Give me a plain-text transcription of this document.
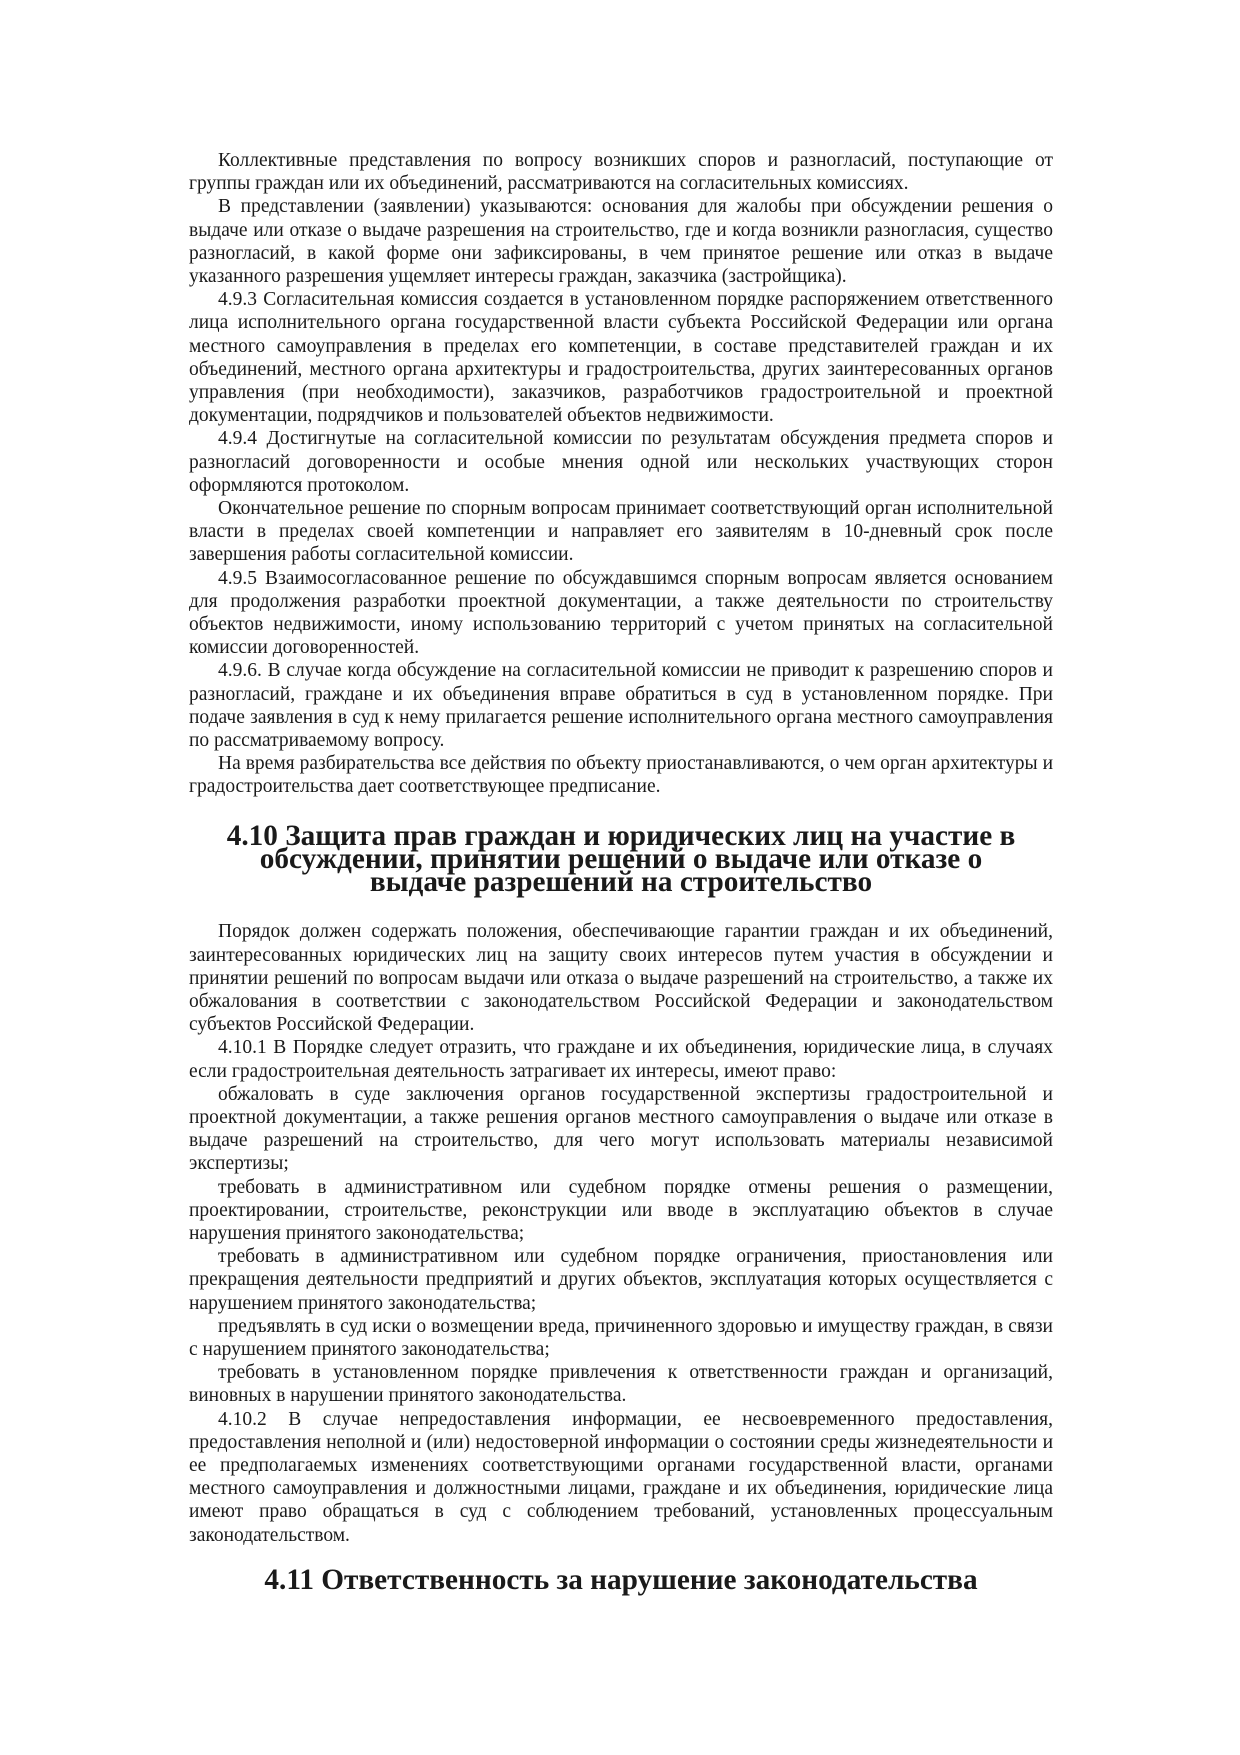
Коллективные представления по вопросу возникших споров и разногласий, поступающие от группы граждан или их объединений, рассматриваются на согласительных комиссиях.

В представлении (заявлении) указываются: основания для жалобы при обсуждении решения о выдаче или отказе о выдаче разрешения на строительство, где и когда возникли разногласия, существо разногласий, в какой форме они зафиксированы, в чем принятое решение или отказ в выдаче указанного разрешения ущемляет интересы граждан, заказчика (застройщика).

4.9.3 Согласительная комиссия создается в установленном порядке распоряжением ответственного лица исполнительного органа государственной власти субъекта Российской Федерации или органа местного самоуправления в пределах его компетенции, в составе представителей граждан и их объединений, местного органа архитектуры и градостроительства, других заинтересованных органов управления (при необходимости), заказчиков, разработчиков градостроительной и проектной документации, подрядчиков и пользователей объектов недвижимости.

4.9.4 Достигнутые на согласительной комиссии по результатам обсуждения предмета споров и разногласий договоренности и особые мнения одной или нескольких участвующих сторон оформляются протоколом.

Окончательное решение по спорным вопросам принимает соответствующий орган исполнительной власти в пределах своей компетенции и направляет его заявителям в 10-дневный срок после завершения работы согласительной комиссии.

4.9.5 Взаимосогласованное решение по обсуждавшимся спорным вопросам является основанием для продолжения разработки проектной документации, а также деятельности по строительству объектов недвижимости, иному использованию территорий с учетом принятых на согласительной комиссии договоренностей.

4.9.6. В случае когда обсуждение на согласительной комиссии не приводит к разрешению споров и разногласий, граждане и их объединения вправе обратиться в суд в установленном порядке. При подаче заявления в суд к нему прилагается решение исполнительного органа местного самоуправления по рассматриваемому вопросу.

На время разбирательства все действия по объекту приостанавливаются, о чем орган архитектуры и градостроительства дает соответствующее предписание.

4.10 Защита прав граждан и юридических лиц на участие в обсуждении, принятии решений о выдаче или отказе о выдаче разрешений на строительство

Порядок должен содержать положения, обеспечивающие гарантии граждан и их объединений, заинтересованных юридических лиц на защиту своих интересов путем участия в обсуждении и принятии решений по вопросам выдачи или отказа о выдаче разрешений на строительство, а также их обжалования в соответствии с законодательством Российской Федерации и законодательством субъектов Российской Федерации.

4.10.1 В Порядке следует отразить, что граждане и их объединения, юридические лица, в случаях если градостроительная деятельность затрагивает их интересы, имеют право:

обжаловать в суде заключения органов государственной экспертизы градостроительной и проектной документации, а также решения органов местного самоуправления о выдаче или отказе в выдаче разрешений на строительство, для чего могут использовать материалы независимой экспертизы;

требовать в административном или судебном порядке отмены решения о размещении, проектировании, строительстве, реконструкции или вводе в эксплуатацию объектов в случае нарушения принятого законодательства;

требовать в административном или судебном порядке ограничения, приостановления или прекращения деятельности предприятий и других объектов, эксплуатация которых осуществляется с нарушением принятого законодательства;

предъявлять в суд иски о возмещении вреда, причиненного здоровью и имуществу граждан, в связи с нарушением принятого законодательства;

требовать в установленном порядке привлечения к ответственности граждан и организаций, виновных в нарушении принятого законодательства.

4.10.2 В случае непредоставления информации, ее несвоевременного предоставления, предоставления неполной и (или) недостоверной информации о состоянии среды жизнедеятельности и ее предполагаемых изменениях соответствующими органами государственной власти, органами местного самоуправления и должностными лицами, граждане и их объединения, юридические лица имеют право обращаться в суд с соблюдением требований, установленных процессуальным законодательством.

4.11 Ответственность за нарушение законодательства
